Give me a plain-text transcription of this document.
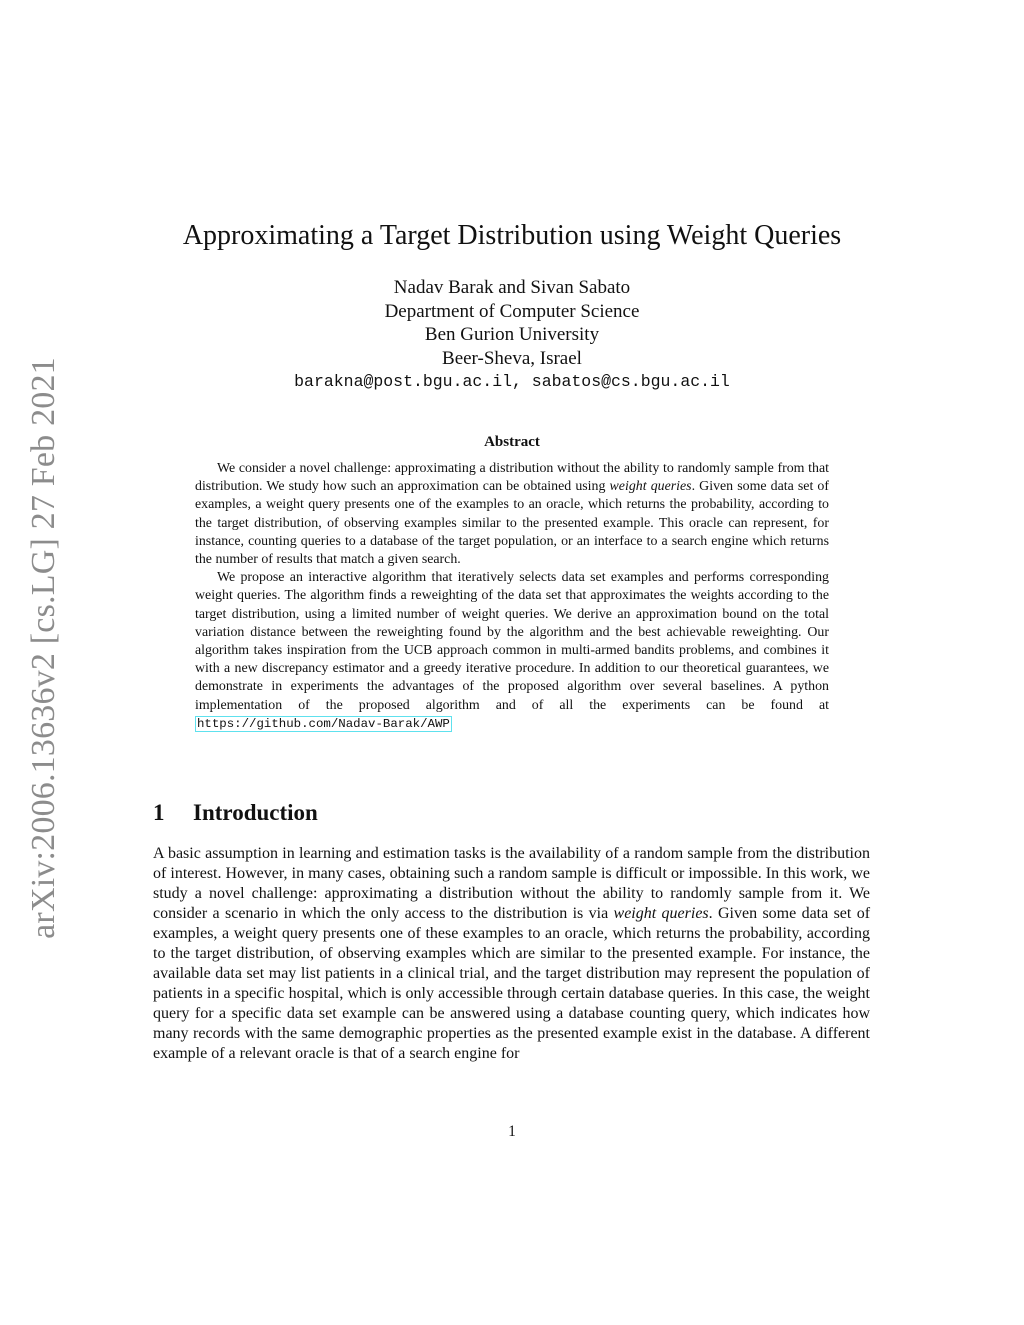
arXiv:2006.13636v2 [cs.LG] 27 Feb 2021
Approximating a Target Distribution using Weight Queries
Nadav Barak and Sivan Sabato
Department of Computer Science
Ben Gurion University
Beer-Sheva, Israel
barakna@post.bgu.ac.il, sabatos@cs.bgu.ac.il
Abstract

We consider a novel challenge: approximating a distribution without the ability to randomly sample from that distribution. We study how such an approximation can be obtained using weight queries. Given some data set of examples, a weight query presents one of the examples to an oracle, which returns the probability, according to the target distribution, of observing examples similar to the presented example. This oracle can represent, for instance, counting queries to a database of the target population, or an interface to a search engine which returns the number of results that match a given search.

We propose an interactive algorithm that iteratively selects data set examples and performs corresponding weight queries. The algorithm finds a reweighting of the data set that approximates the weights according to the target distribution, using a limited number of weight queries. We derive an approximation bound on the total variation distance between the reweighting found by the algorithm and the best achievable reweighting. Our algorithm takes inspiration from the UCB approach common in multi-armed bandits problems, and combines it with a new discrepancy estimator and a greedy iterative procedure. In addition to our theoretical guarantees, we demonstrate in experiments the advantages of the proposed algorithm over several baselines. A python implementation of the proposed algorithm and of all the experiments can be found at https://github.com/Nadav-Barak/AWP

1 Introduction

A basic assumption in learning and estimation tasks is the availability of a random sample from the distribution of interest. However, in many cases, obtaining such a random sample is difficult or impossible. In this work, we study a novel challenge: approximating a distribution without the ability to randomly sample from it. We consider a scenario in which the only access to the distribution is via weight queries. Given some data set of examples, a weight query presents one of these examples to an oracle, which returns the probability, according to the target distribution, of observing examples which are similar to the presented example. For instance, the available data set may list patients in a clinical trial, and the target distribution may represent the population of patients in a specific hospital, which is only accessible through certain database queries. In this case, the weight query for a specific data set example can be answered using a database counting query, which indicates how many records with the same demographic properties as the presented example exist in the database. A different example of a relevant oracle is that of a search engine for

1
